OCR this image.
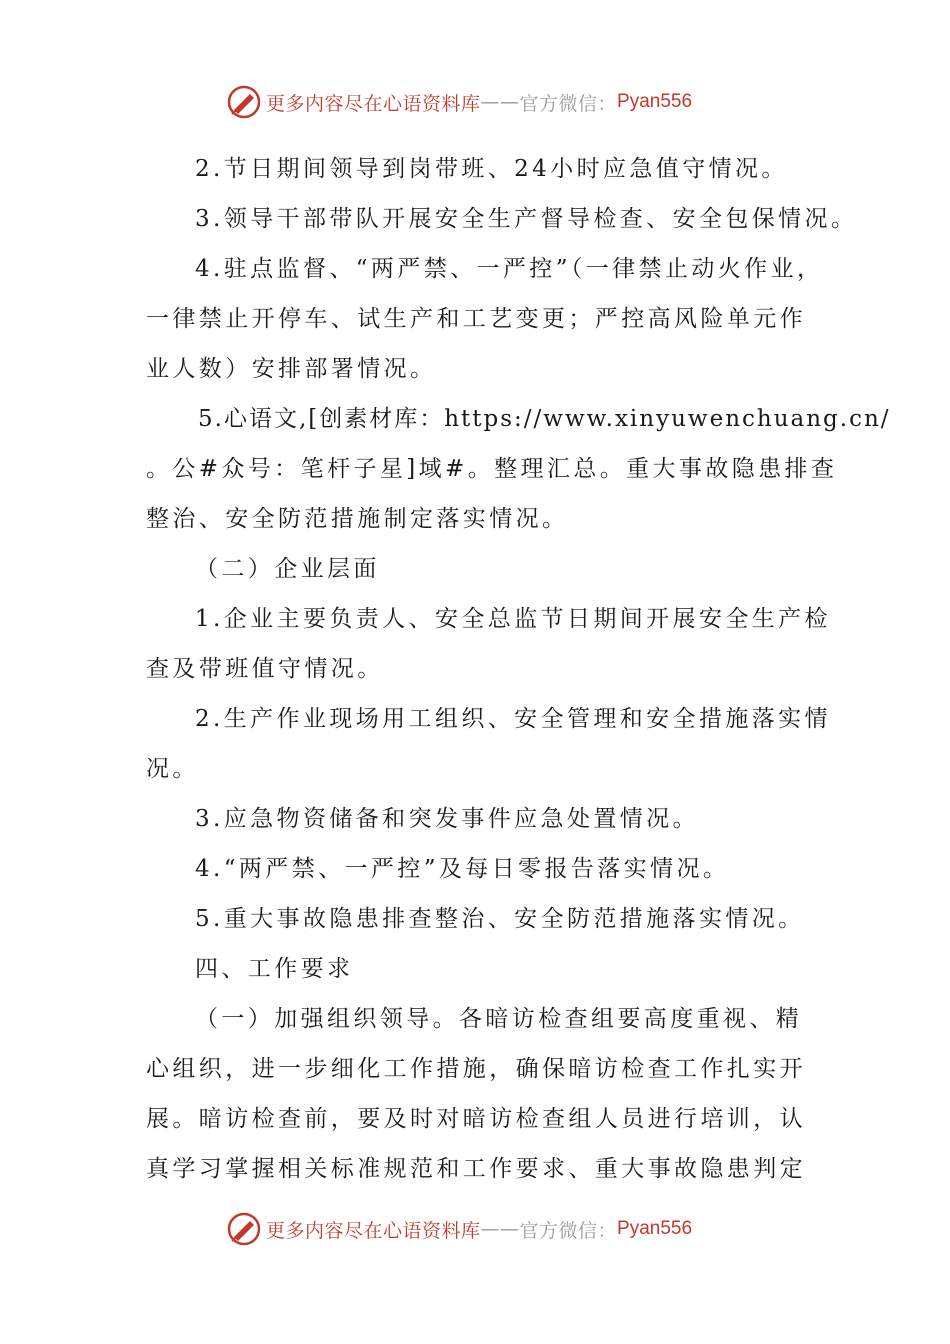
更多内容尽在心语资料库 —— 官方微信： Pyan556
2.节日期间领导到岗带班、24小时应急值守情况。
3.领导干部带队开展安全生产督导检查、安全包保情况。
4.驻点监督、“两严禁、一严控”（一律禁止动火作业，
一律禁止开停车、试生产和工艺变更；严控高风险单元作
业人数）安排部署情况。
5.心语文,[创素材库：https://www.xinyuwenchuang.cn/
。公#众号：笔杆子星]域#。整理汇总。重大事故隐患排查
整治、安全防范措施制定落实情况。
（二）企业层面
1.企业主要负责人、安全总监节日期间开展安全生产检
查及带班值守情况。
2.生产作业现场用工组织、安全管理和安全措施落实情
况。
3.应急物资储备和突发事件应急处置情况。
4.“两严禁、一严控”及每日零报告落实情况。
5.重大事故隐患排查整治、安全防范措施落实情况。
四、工作要求
（一）加强组织领导。各暗访检查组要高度重视、精
心组织，进一步细化工作措施，确保暗访检查工作扎实开
展。暗访检查前，要及时对暗访检查组人员进行培训，认
真学习掌握相关标准规范和工作要求、重大事故隐患判定
更多内容尽在心语资料库 —— 官方微信： Pyan556
